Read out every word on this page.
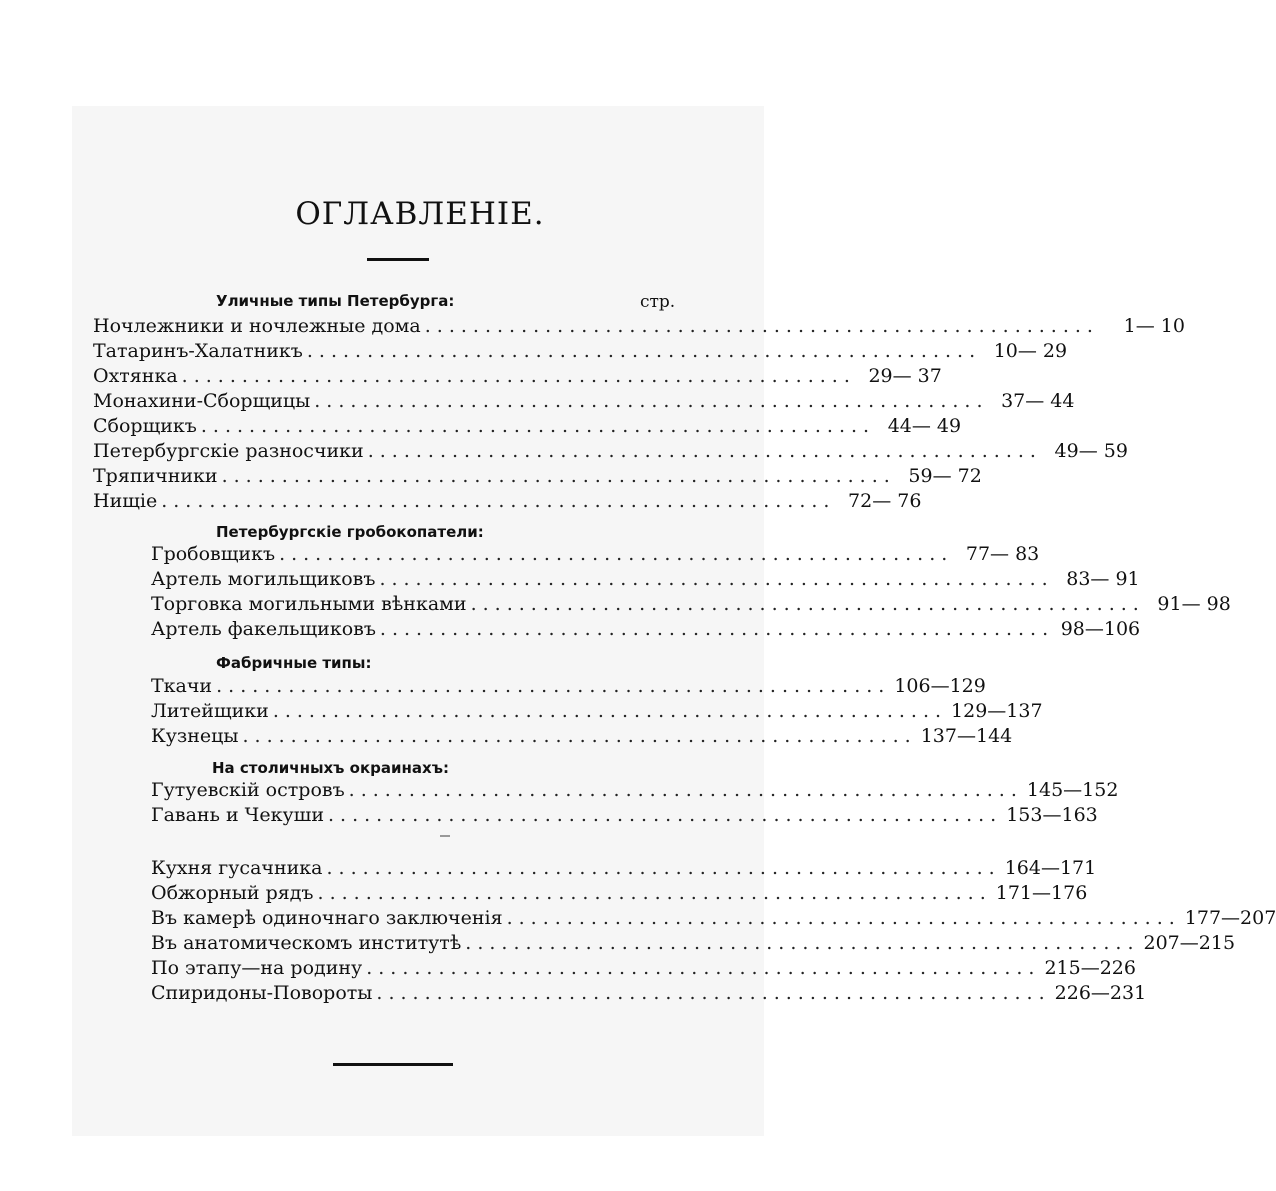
ОГЛАВЛЕНІЕ.
Уличные типы Петербурга:	стр.
Ночлежники и ночлежные дома ........................................................	1— 10
Татаринъ-Халатникъ ........................................................ 10— 29
Охтянка ........................................................ 29— 37
Монахини-Сборщицы ........................................................ 37— 44
Сборщикъ ........................................................ 44— 49
Петербургскіе разносчики ........................................................ 49— 59
Тряпичники ........................................................ 59— 72
Нищіе ........................................................ 72— 76
Петербургскіе гробокопатели:
Гробовщикъ ........................................................ 77— 83
Артель могильщиковъ ........................................................ 83— 91
Торговка могильными вѣнками ........................................................ 91— 98
Артель факельщиковъ ........................................................ 98—106
Фабричные типы:
Ткачи ........................................................ 106—129
Литейщики ........................................................ 129—137
Кузнецы ........................................................ 137—144
На столичныхъ окраинахъ:
Гутуевскій островъ ........................................................ 145—152
Гавань и Чекуши ........................................................ 153—163
Кухня гусачника ........................................................ 164—171
Обжорный рядъ ........................................................ 171—176
Въ камерѣ одиночнаго заключенія ........................................................ 177—207
Въ анатомическомъ институтѣ ........................................................ 207—215
По этапу—на родину ........................................................ 215—226
Спиридоны-Повороты ........................................................ 226—231
